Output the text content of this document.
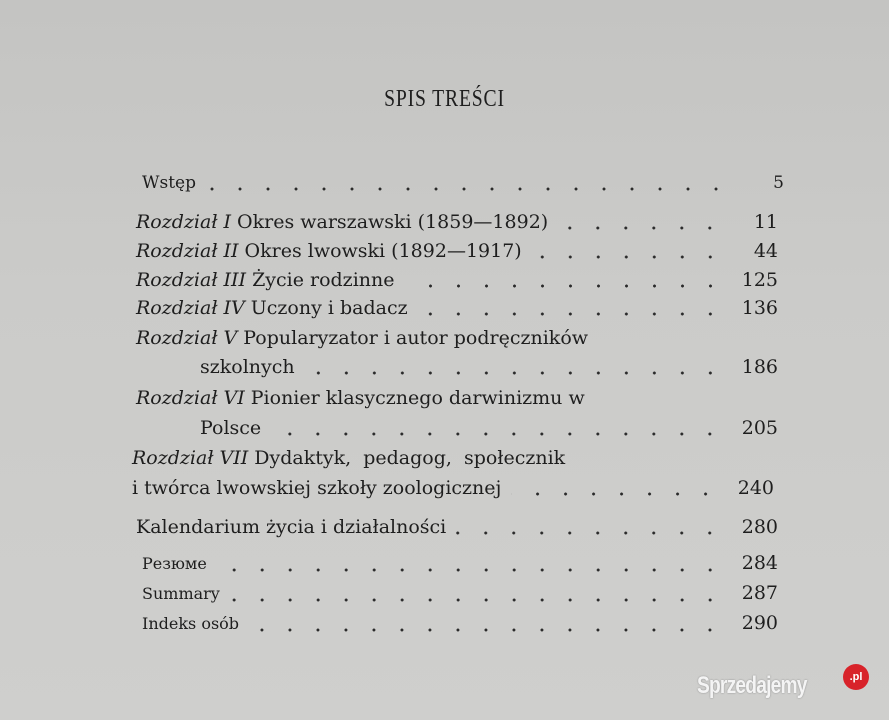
SPIS TREŚCI
Wstęp	5
Rozdział I Okres warszawski (1859—1892)	11
Rozdział II Okres lwowski (1892—1917)	44
Rozdział III Życie rodzinne	125
Rozdział IV Uczony i badacz	136
Rozdział V Popularyzator i autor podręczników
szkolnych	186
Rozdział VI Pionier klasycznego darwinizmu w
Polsce	205
Rozdział VII Dydaktyk, pedagog, społecznik
i twórca lwowskiej szkoły zoologicznej	240
Kalendarium życia i działalności	280
Резюме	284
Summary	287
Indeks osób	290
Sprzedajemy	.pl
